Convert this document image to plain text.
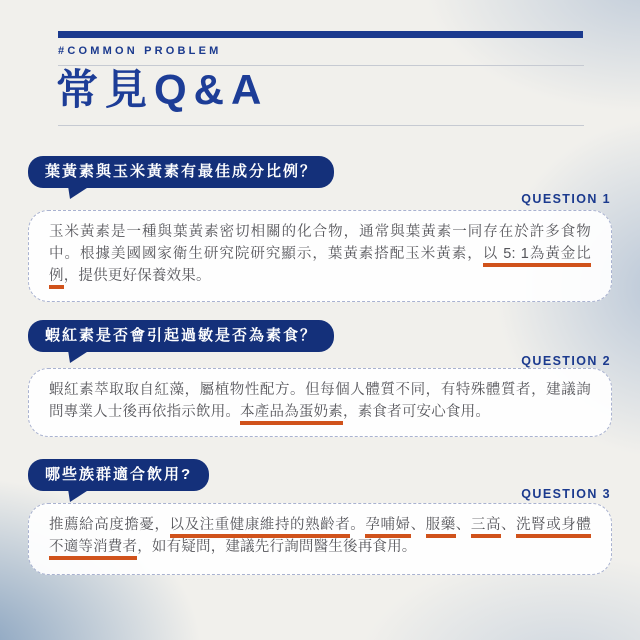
#COMMON PROBLEM
常見Q&A
葉黃素與玉米黃素有最佳成分比例？
QUESTION 1

玉米黃素是一種與葉黃素密切相關的化合物，通常與葉黃素一同存在於許多食物中。根據美國國家衛生研究院研究顯示，葉黃素搭配玉米黃素，以 5: 1為黃金比例，提供更好保養效果。

蝦紅素是否會引起過敏是否為素食？
QUESTION 2

蝦紅素萃取取自紅藻，屬植物性配方。但每個人體質不同，有特殊體質者，建議詢問專業人士後再依指示飲用。本產品為蛋奶素，素食者可安心食用。

哪些族群適合飲用?
QUESTION 3

推薦給高度擔憂，以及注重健康維持的熟齡者。孕哺婦、服藥、三高、洗腎或身體不適等消費者，如有疑問，建議先行詢問醫生後再食用。
